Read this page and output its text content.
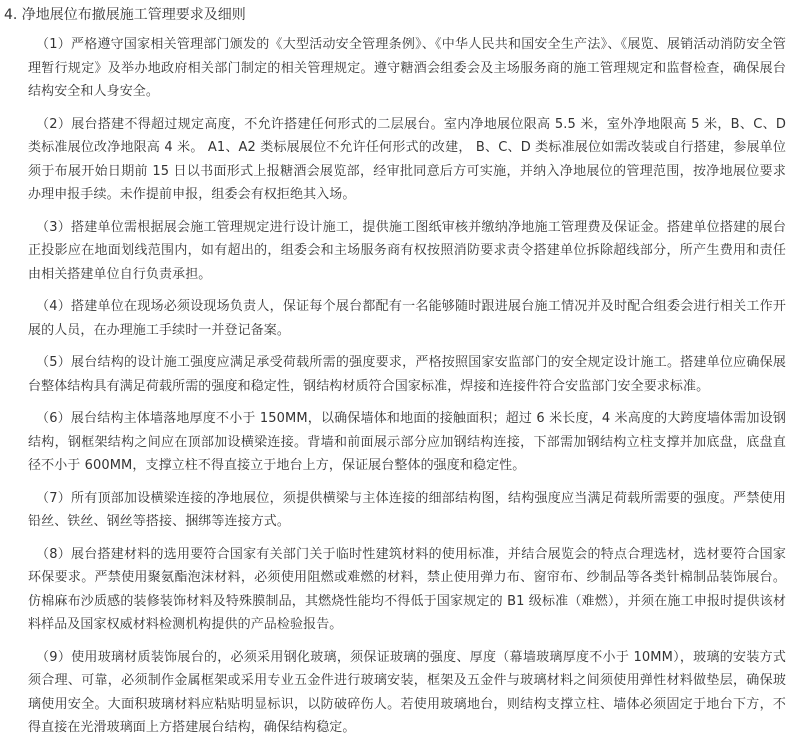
4. 净地展位布撤展施工管理要求及细则

（1）严格遵守国家相关管理部门颁发的《大型活动安全管理条例》、《中华人民共和国安全生产法》、《展览、展销活动消防安全管理暂行规定》及举办地政府相关部门制定的相关管理规定。遵守糖酒会组委会及主场服务商的施工管理规定和监督检查，确保展台结构安全和人身安全。

（2）展台搭建不得超过规定高度，不允许搭建任何形式的二层展台。室内净地展位限高 5.5 米，室外净地限高 5 米，B、C、D 类标准展位改净地限高 4 米。 A1、A2 类标展展位不允许任何形式的改建， B、C、D 类标准展位如需改装或自行搭建，参展单位须于布展开始日期前 15 日以书面形式上报糖酒会展览部，经审批同意后方可实施，并纳入净地展位的管理范围，按净地展位要求办理申报手续。未作提前申报，组委会有权拒绝其入场。

（3）搭建单位需根据展会施工管理规定进行设计施工，提供施工图纸审核并缴纳净地施工管理费及保证金。搭建单位搭建的展台正投影应在地面划线范围内，如有超出的，组委会和主场服务商有权按照消防要求责令搭建单位拆除超线部分，所产生费用和责任由相关搭建单位自行负责承担。

（4）搭建单位在现场必须设现场负责人，保证每个展台都配有一名能够随时跟进展台施工情况并及时配合组委会进行相关工作开展的人员，在办理施工手续时一并登记备案。

（5）展台结构的设计施工强度应满足承受荷载所需的强度要求，严格按照国家安监部门的安全规定设计施工。搭建单位应确保展台整体结构具有满足荷载所需的强度和稳定性，钢结构材质符合国家标准，焊接和连接件符合安监部门安全要求标准。

（6）展台结构主体墙落地厚度不小于 150MM，以确保墙体和地面的接触面积；超过 6 米长度，4 米高度的大跨度墙体需加设钢结构，钢框架结构之间应在顶部加设横梁连接。背墙和前面展示部分应加钢结构连接，下部需加钢结构立柱支撑并加底盘，底盘直径不小于 600MM，支撑立柱不得直接立于地台上方，保证展台整体的强度和稳定性。

（7）所有顶部加设横梁连接的净地展位，须提供横梁与主体连接的细部结构图，结构强度应当满足荷载所需要的强度。严禁使用铅丝、铁丝、钢丝等搭接、捆绑等连接方式。

（8）展台搭建材料的选用要符合国家有关部门关于临时性建筑材料的使用标准，并结合展览会的特点合理选材，选材要符合国家环保要求。严禁使用聚氨酯泡沫材料，必须使用阻燃或难燃的材料，禁止使用弹力布、窗帘布、纱制品等各类针棉制品装饰展台。仿棉麻布沙质感的装修装饰材料及特殊膜制品，其燃烧性能均不得低于国家规定的 B1 级标准（难燃），并须在施工申报时提供该材料样品及国家权威材料检测机构提供的产品检验报告。

（9）使用玻璃材质装饰展台的，必须采用钢化玻璃，须保证玻璃的强度、厚度（幕墙玻璃厚度不小于 10MM），玻璃的安装方式须合理、可靠，必须制作金属框架或采用专业五金件进行玻璃安装，框架及五金件与玻璃材料之间须使用弹性材料做垫层，确保玻璃使用安全。大面积玻璃材料应粘贴明显标识，以防破碎伤人。若使用玻璃地台，则结构支撑立柱、墙体必须固定于地台下方，不得直接在光滑玻璃面上方搭建展台结构，确保结构稳定。
